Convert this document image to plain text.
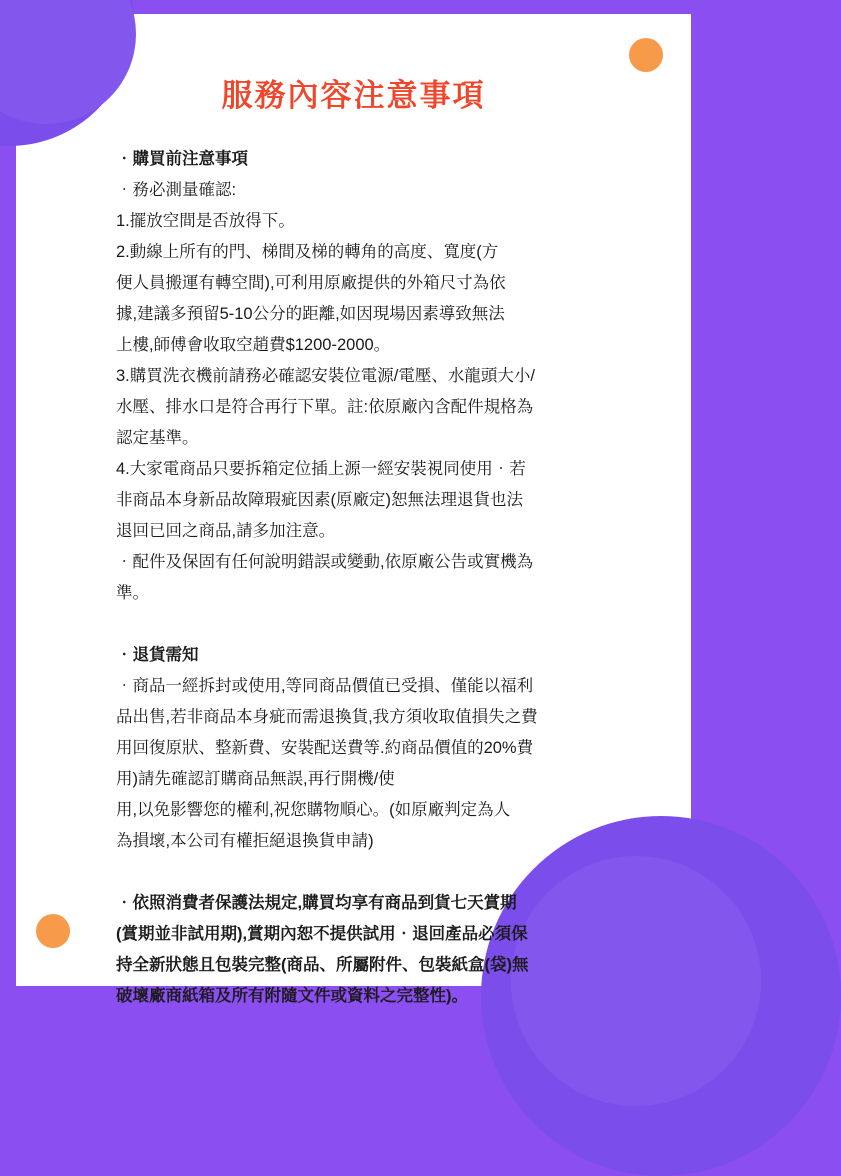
服務內容注意事項

‧購買前注意事項

‧務必測量確認:

1.擺放空間是否放得下。

2.動線上所有的門、梯間及梯的轉角的高度、寬度(方

便人員搬運有轉空間),可利用原廠提供的外箱尺寸為依

據,建議多預留5-10公分的距離,如因現場因素導致無法

上樓,師傅會收取空趙費$1200-2000。

3.購買洗衣機前請務必確認安裝位電源/電壓、水龍頭大小/

水壓、排水口是符合再行下單。註:依原廠內含配件規格為

認定基準。

4.大家電商品只要拆箱定位插上源一經安裝視同使用‧若

非商品本身新品故障瑕疵因素(原廠定)恕無法理退貨也法

退回已回之商品,請多加注意。

‧配件及保固有任何說明錯誤或變動,依原廠公告或實機為

準。

‧退貨需知

‧商品一經拆封或使用,等同商品價值已受損、僅能以福利

品出售,若非商品本身疵而需退換貨,我方須收取值損失之費

用回復原狀、整新費、安裝配送費等.約商品價值的20%費

用)請先確認訂購商品無誤,再行開機/使

用,以免影響您的權利,祝您購物順心。(如原廠判定為人

為損壞,本公司有權拒絕退換貨申請)

‧依照消費者保護法規定,購買均享有商品到貨七天賞期

(賞期並非試用期),賞期內恕不提供試用‧退回產品必須保

持全新狀態且包裝完整(商品、所屬附件、包裝紙盒(袋)無

破壞廠商紙箱及所有附隨文件或資料之完整性)。
